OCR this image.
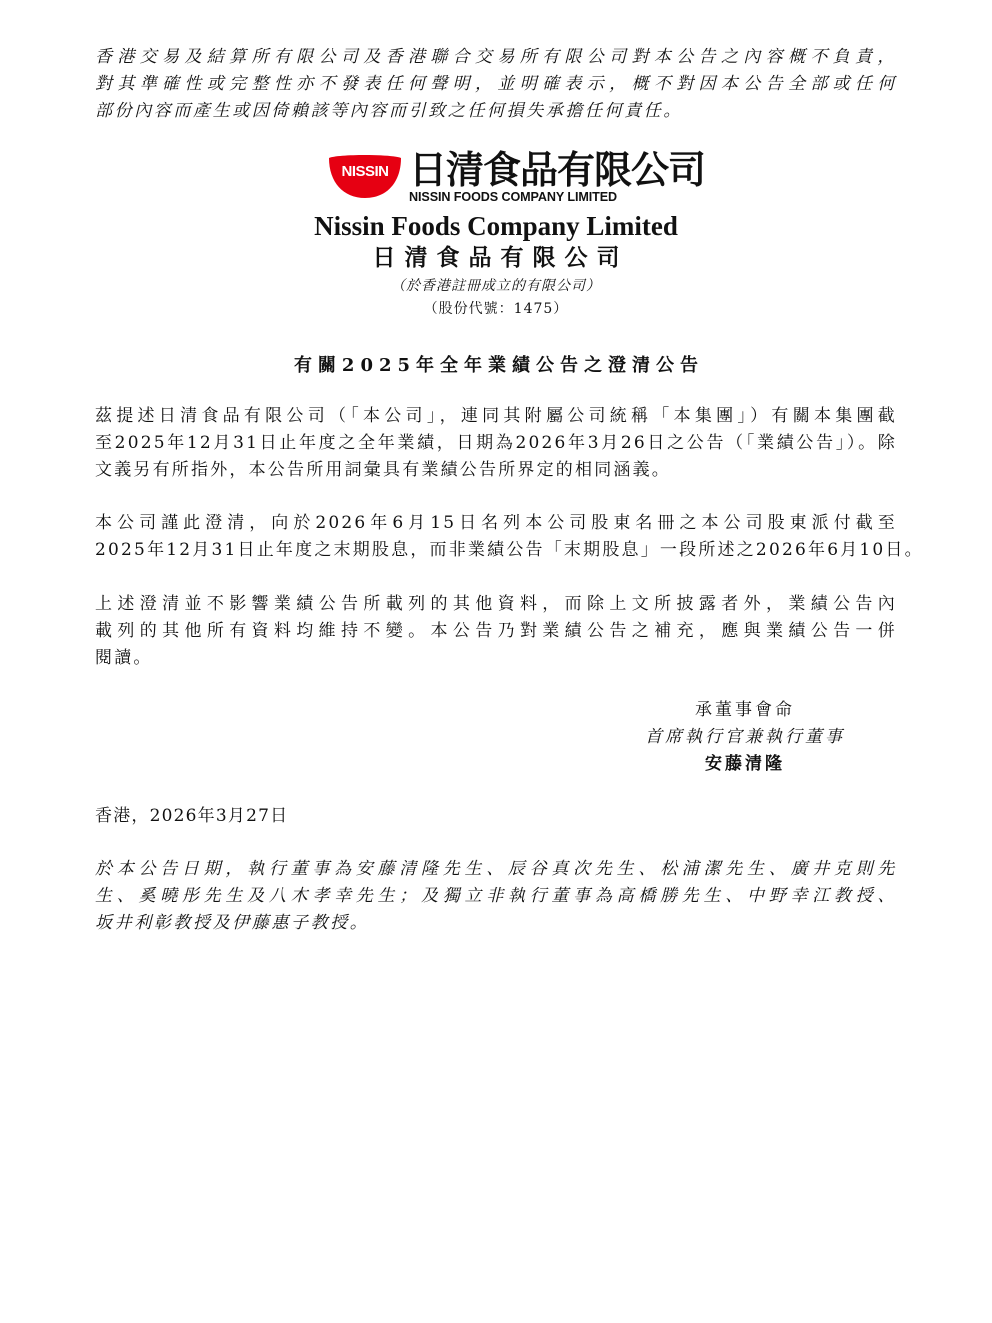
香港交易及結算所有限公司及香港聯合交易所有限公司對本公告之內容概不負責，
對其準確性或完整性亦不發表任何聲明，並明確表示，概不對因本公告全部或任何
部份內容而產生或因倚賴該等內容而引致之任何損失承擔任何責任。
NISSIN 日清食品有限公司
NISSIN FOODS COMPANY LIMITED
Nissin Foods Company Limited
日清食品有限公司
（於香港註冊成立的有限公司）
（股份代號：1475）
有關2025年全年業績公告之澄清公告
茲提述日清食品有限公司（「本公司」，連同其附屬公司統稱「本集團」）有關本集團截
至2025年12月31日止年度之全年業績，日期為2026年3月26日之公告（「業績公告」）。除
文義另有所指外，本公告所用詞彙具有業績公告所界定的相同涵義。
本公司謹此澄清，向於2026年6月15日名列本公司股東名冊之本公司股東派付截至
2025年12月31日止年度之末期股息，而非業績公告「末期股息」一段所述之2026年6月10日。
上述澄清並不影響業績公告所載列的其他資料，而除上文所披露者外，業績公告內
載列的其他所有資料均維持不變。本公告乃對業績公告之補充，應與業績公告一併
閱讀。
承董事會命
首席執行官兼執行董事
安藤清隆
香港，2026年3月27日
於本公告日期，執行董事為安藤清隆先生、辰谷真次先生、松浦潔先生、廣井克則先
生、奚曉彤先生及八木孝幸先生；及獨立非執行董事為高橋勝先生、中野幸江教授、
坂井利彰教授及伊藤惠子教授。
